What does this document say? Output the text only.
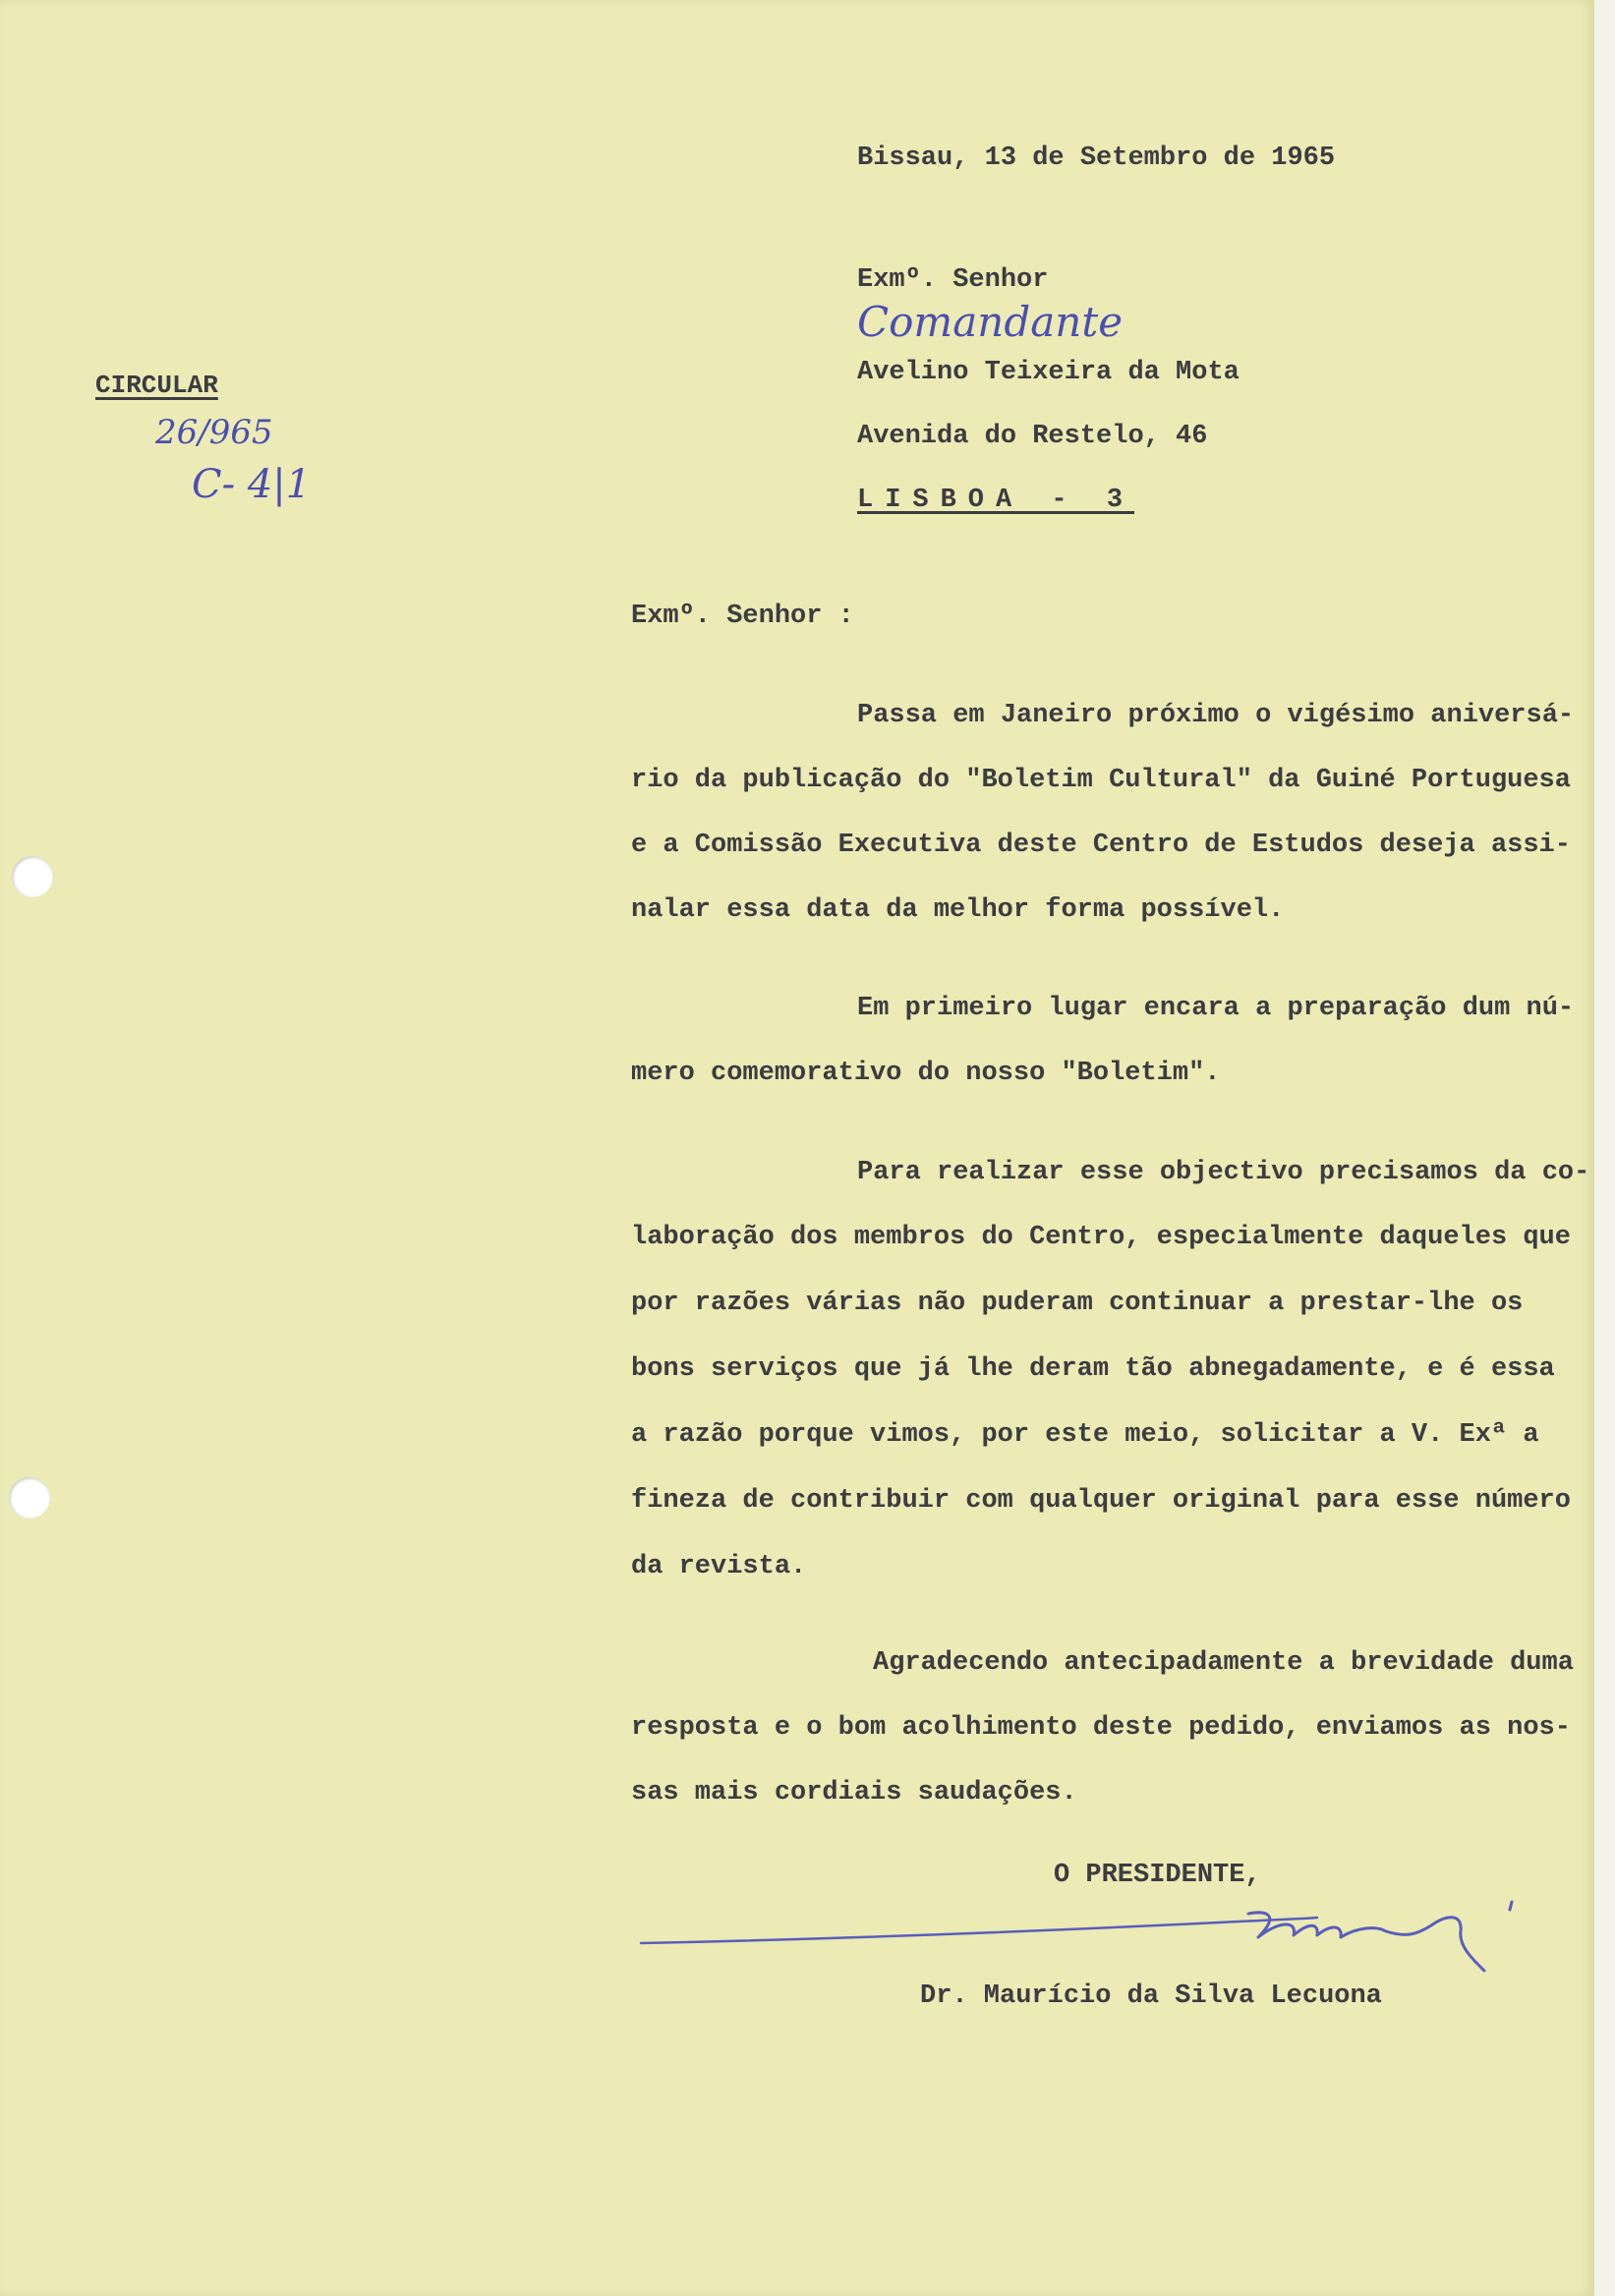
Bissau, 13 de Setembro de 1965
CIRCULAR
26/965
C- 4|1
Exmº. Senhor
Comandante
Avelino Teixeira da Mota
Avenida do Restelo, 46
LISBOA - 3
Exmº. Senhor :
Passa em Janeiro próximo o vigésimo aniversá-
rio da publicação do "Boletim Cultural" da Guiné Portuguesa
e a Comissão Executiva deste Centro de Estudos deseja assi-
nalar essa data da melhor forma possível.
Em primeiro lugar encara a preparação dum nú-
mero comemorativo do nosso "Boletim".
Para realizar esse objectivo precisamos da co-
laboração dos membros do Centro, especialmente daqueles que
por razões várias não puderam continuar a prestar-lhe os
bons serviços que já lhe deram tão abnegadamente, e é essa
a razão porque vimos, por este meio, solicitar a V. Exª a
fineza de contribuir com qualquer original para esse número
da revista.
Agradecendo antecipadamente a brevidade duma
resposta e o bom acolhimento deste pedido, enviamos as nos-
sas mais cordiais saudações.
O PRESIDENTE,
Dr. Maurício da Silva Lecuona
